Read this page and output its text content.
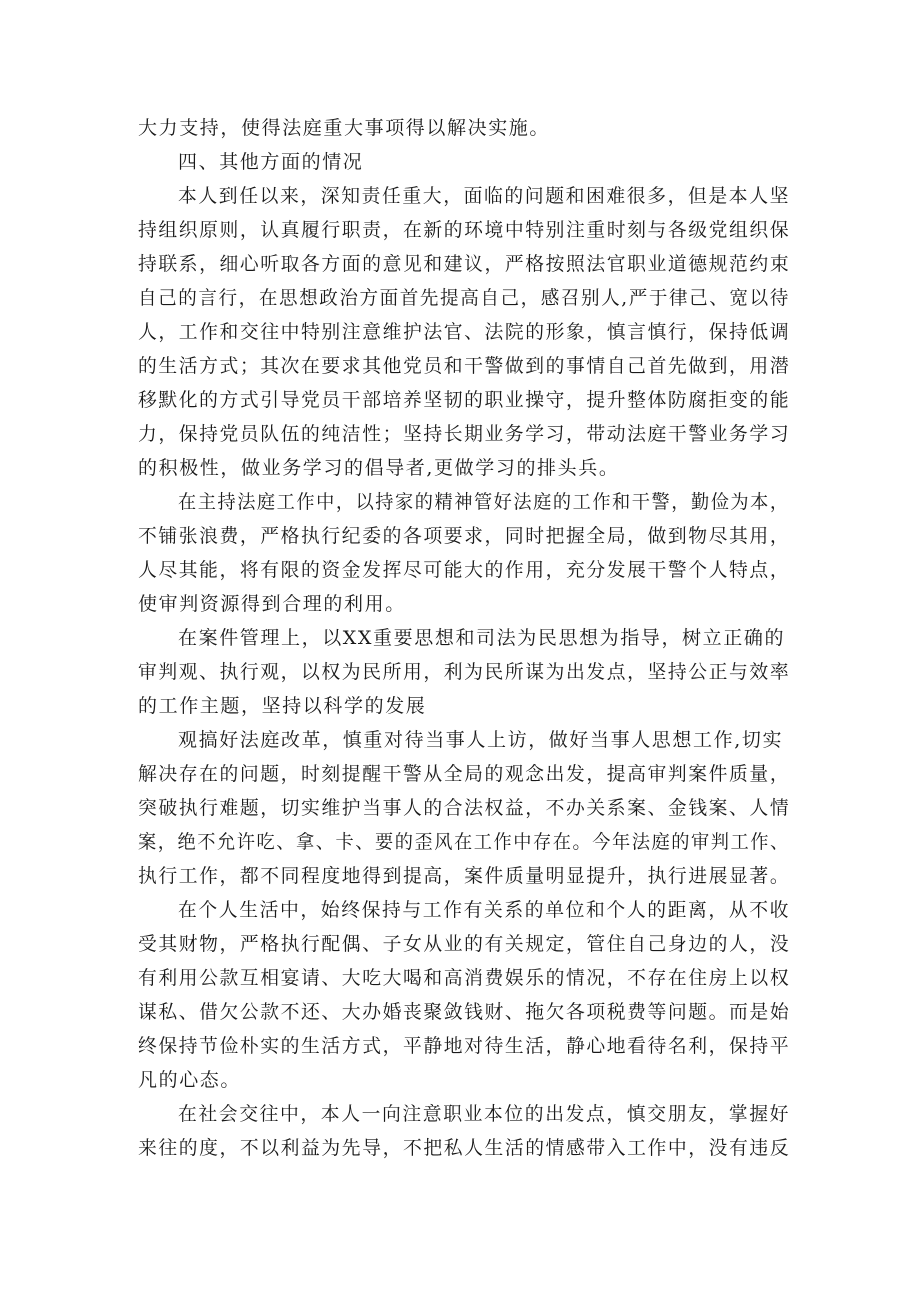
大力支持，使得法庭重大事项得以解决实施。

四、其他方面的情况

本人到任以来，深知责任重大，面临的问题和困难很多，但是本人坚

持组织原则，认真履行职责，在新的环境中特别注重时刻与各级党组织保

持联系，细心听取各方面的意见和建议，严格按照法官职业道德规范约束

自己的言行，在思想政治方面首先提高自己，感召别人,严于律己、宽以待

人，工作和交往中特别注意维护法官、法院的形象，慎言慎行，保持低调

的生活方式；其次在要求其他党员和干警做到的事情自己首先做到，用潜

移默化的方式引导党员干部培养坚韧的职业操守，提升整体防腐拒变的能

力，保持党员队伍的纯洁性；坚持长期业务学习，带动法庭干警业务学习

的积极性，做业务学习的倡导者,更做学习的排头兵。

在主持法庭工作中，以持家的精神管好法庭的工作和干警，勤俭为本，

不铺张浪费，严格执行纪委的各项要求，同时把握全局，做到物尽其用，

人尽其能，将有限的资金发挥尽可能大的作用，充分发展干警个人特点，

使审判资源得到合理的利用。

在案件管理上，以XX重要思想和司法为民思想为指导，树立正确的

审判观、执行观，以权为民所用，利为民所谋为出发点，坚持公正与效率

的工作主题，坚持以科学的发展

观搞好法庭改革，慎重对待当事人上访，做好当事人思想工作,切实

解决存在的问题，时刻提醒干警从全局的观念出发，提高审判案件质量，

突破执行难题，切实维护当事人的合法权益，不办关系案、金钱案、人情

案，绝不允许吃、拿、卡、要的歪风在工作中存在。今年法庭的审判工作、

执行工作，都不同程度地得到提高，案件质量明显提升，执行进展显著。

在个人生活中，始终保持与工作有关系的单位和个人的距离，从不收

受其财物，严格执行配偶、子女从业的有关规定，管住自己身边的人，没

有利用公款互相宴请、大吃大喝和高消费娱乐的情况，不存在住房上以权

谋私、借欠公款不还、大办婚丧聚敛钱财、拖欠各项税费等问题。而是始

终保持节俭朴实的生活方式，平静地对待生活，静心地看待名利，保持平

凡的心态。

在社会交往中，本人一向注意职业本位的出发点，慎交朋友，掌握好

来往的度，不以利益为先导，不把私人生活的情感带入工作中，没有违反
